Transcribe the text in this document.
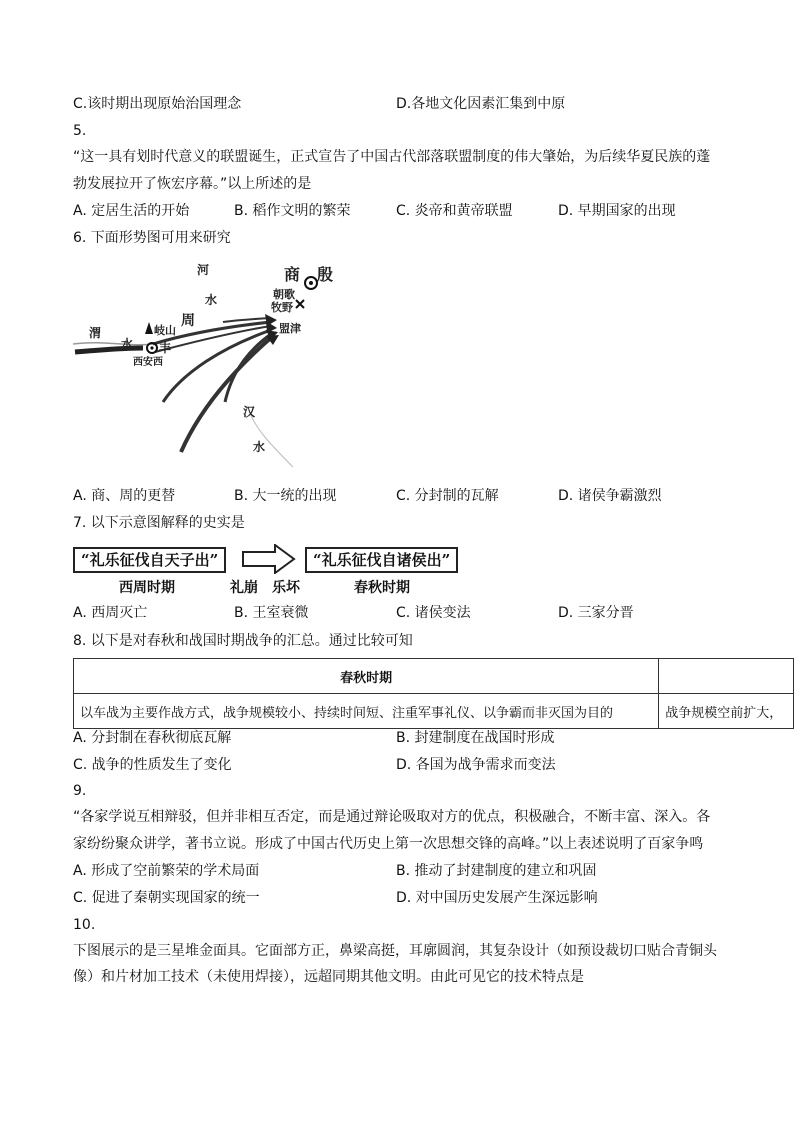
C.该时期出现原始治国理念	D.各地文化因素汇集到中原
5.
“这一具有划时代意义的联盟诞生，正式宣告了中国古代部落联盟制度的伟大肇始，为后续华夏民族的蓬
勃发展拉开了恢宏序幕。”以上所述的是
A. 定居生活的开始	B. 稻作文明的繁荣	C. 炎帝和黄帝联盟	D. 早期国家的出现
6. 下面形势图可用来研究
河
水
商 殷
朝歌
牧野
盟津
周
岐山
渭
水 丰
西安西
汉
水
A. 商、周的更替	B. 大一统的出现	C. 分封制的瓦解	D. 诸侯争霸激烈
7. 以下示意图解释的史实是
“礼乐征伐自天子出”	“礼乐征伐自诸侯出”
西周时期	礼崩　乐坏	春秋时期
A. 西周灭亡	B. 王室衰微	C. 诸侯变法	D. 三家分晋
8. 以下是对春秋和战国时期战争的汇总。通过比较可知
春秋时期	
以车战为主要作战方式，战争规模较小、持续时间短、注重军事礼仪、以争霸而非灭国为目的	战争规模空前扩大，
A. 分封制在春秋彻底瓦解	B. 封建制度在战国时形成
C. 战争的性质发生了变化	D. 各国为战争需求而变法
9.
“各家学说互相辩驳，但并非相互否定，而是通过辩论吸取对方的优点，积极融合，不断丰富、深入。各
家纷纷聚众讲学，著书立说。形成了中国古代历史上第一次思想交锋的高峰。”以上表述说明了百家争鸣
A. 形成了空前繁荣的学术局面	B. 推动了封建制度的建立和巩固
C. 促进了秦朝实现国家的统一	D. 对中国历史发展产生深远影响
10.
下图展示的是三星堆金面具。它面部方正，鼻梁高挺，耳廓圆润，其复杂设计（如预设裁切口贴合青铜头
像）和片材加工技术（未使用焊接），远超同期其他文明。由此可见它的技术特点是
